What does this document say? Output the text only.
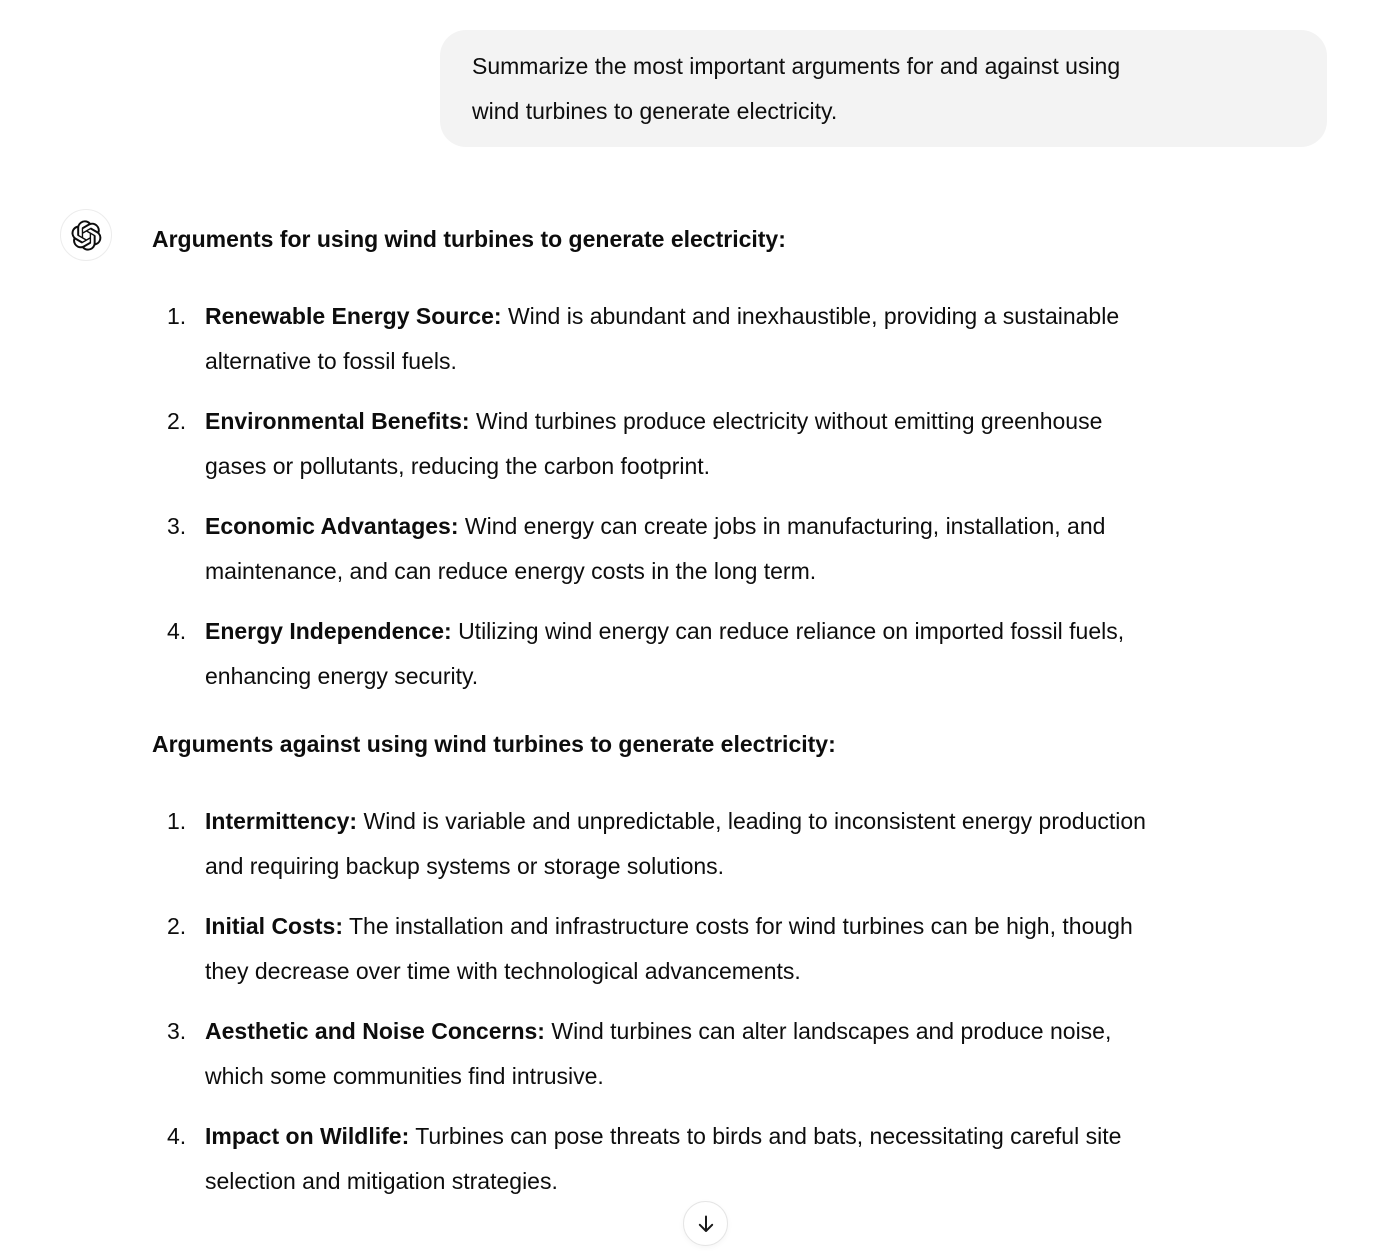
Summarize the most important arguments for and against using
wind turbines to generate electricity.
Arguments for using wind turbines to generate electricity:
1. Renewable Energy Source: Wind is abundant and inexhaustible, providing a sustainable
alternative to fossil fuels.
2. Environmental Benefits: Wind turbines produce electricity without emitting greenhouse
gases or pollutants, reducing the carbon footprint.
3. Economic Advantages: Wind energy can create jobs in manufacturing, installation, and
maintenance, and can reduce energy costs in the long term.
4. Energy Independence: Utilizing wind energy can reduce reliance on imported fossil fuels,
enhancing energy security.
Arguments against using wind turbines to generate electricity:
1. Intermittency: Wind is variable and unpredictable, leading to inconsistent energy production
and requiring backup systems or storage solutions.
2. Initial Costs: The installation and infrastructure costs for wind turbines can be high, though
they decrease over time with technological advancements.
3. Aesthetic and Noise Concerns: Wind turbines can alter landscapes and produce noise,
which some communities find intrusive.
4. Impact on Wildlife: Turbines can pose threats to birds and bats, necessitating careful site
selection and mitigation strategies.
